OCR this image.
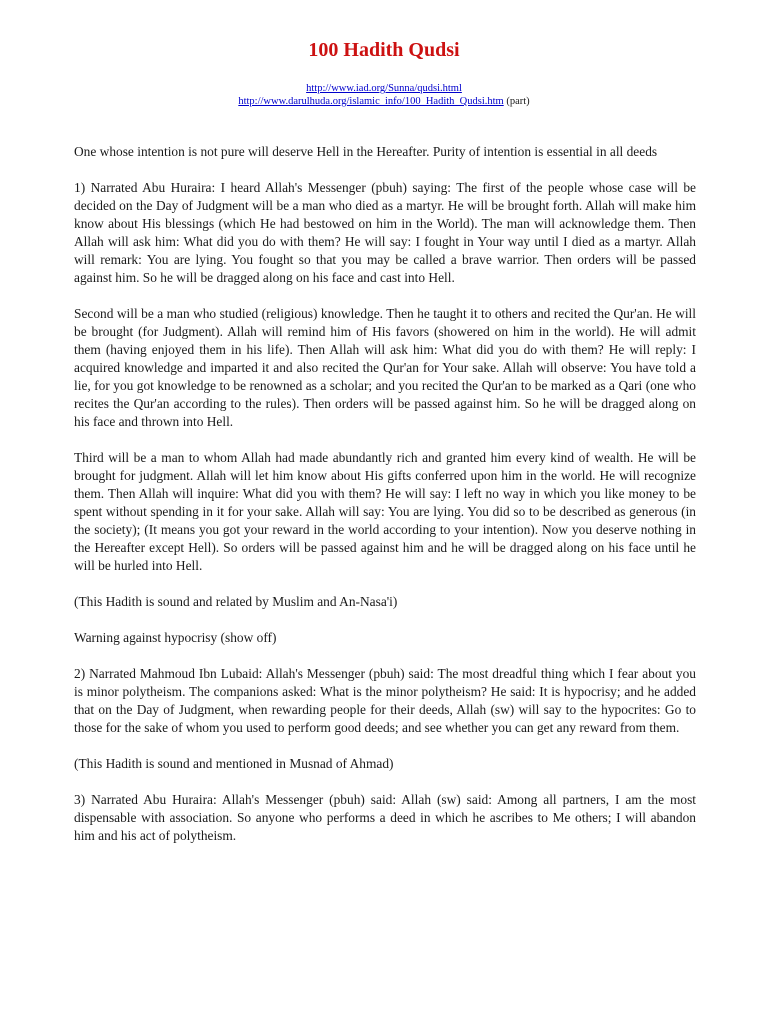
100 Hadith Qudsi
http://www.iad.org/Sunna/qudsi.html
http://www.darulhuda.org/islamic_info/100_Hadith_Qudsi.htm (part)

One whose intention is not pure will deserve Hell in the Hereafter. Purity of intention is essential in all deeds

1) Narrated Abu Huraira: I heard Allah's Messenger (pbuh) saying: The first of the people whose case will be decided on the Day of Judgment will be a man who died as a martyr. He will be brought forth. Allah will make him know about His blessings (which He had bestowed on him in the World). The man will acknowledge them. Then Allah will ask him: What did you do with them? He will say: I fought in Your way until I died as a martyr. Allah will remark: You are lying. You fought so that you may be called a brave warrior. Then orders will be passed against him. So he will be dragged along on his face and cast into Hell.

Second will be a man who studied (religious) knowledge. Then he taught it to others and recited the Qur'an. He will be brought (for Judgment). Allah will remind him of His favors (showered on him in the world). He will admit them (having enjoyed them in his life). Then Allah will ask him: What did you do with them? He will reply: I acquired knowledge and imparted it and also recited the Qur'an for Your sake. Allah will observe: You have told a lie, for you got knowledge to be renowned as a scholar; and you recited the Qur'an to be marked as a Qari (one who recites the Qur'an according to the rules). Then orders will be passed against him. So he will be dragged along on his face and thrown into Hell.

Third will be a man to whom Allah had made abundantly rich and granted him every kind of wealth. He will be brought for judgment. Allah will let him know about His gifts conferred upon him in the world. He will recognize them. Then Allah will inquire: What did you with them? He will say: I left no way in which you like money to be spent without spending in it for your sake. Allah will say: You are lying. You did so to be described as generous (in the society); (It means you got your reward in the world according to your intention). Now you deserve nothing in the Hereafter except Hell). So orders will be passed against him and he will be dragged along on his face until he will be hurled into Hell.

(This Hadith is sound and related by Muslim and An-Nasa'i)

Warning against hypocrisy (show off)

2) Narrated Mahmoud Ibn Lubaid: Allah's Messenger (pbuh) said: The most dreadful thing which I fear about you is minor polytheism. The companions asked: What is the minor polytheism? He said: It is hypocrisy; and he added that on the Day of Judgment, when rewarding people for their deeds, Allah (sw) will say to the hypocrites: Go to those for the sake of whom you used to perform good deeds; and see whether you can get any reward from them.

(This Hadith is sound and mentioned in Musnad of Ahmad)

3) Narrated Abu Huraira: Allah's Messenger (pbuh) said: Allah (sw) said: Among all partners, I am the most dispensable with association. So anyone who performs a deed in which he ascribes to Me others; I will abandon him and his act of polytheism.
